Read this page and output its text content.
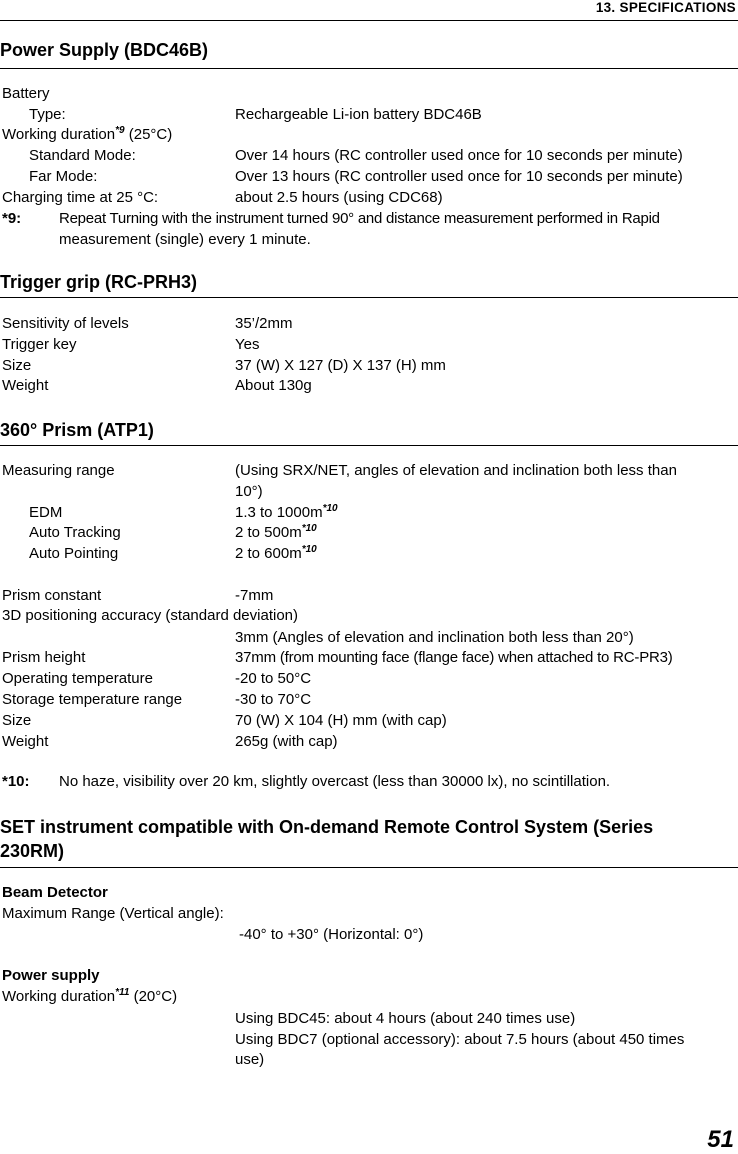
13. SPECIFICATIONS
Power Supply (BDC46B)
Battery
Type:	Rechargeable Li-ion battery BDC46B
Working duration$^{*9}$ (25°C)
Standard Mode:	Over 14 hours (RC controller used once for 10 seconds per minute)
Far Mode:	Over 13 hours (RC controller used once for 10 seconds per minute)
Charging time at 25 °C:	about 2.5 hours (using CDC68)
*9:	Repeat Turning with the instrument turned 90° and distance measurement performed in Rapid
measurement (single) every 1 minute.
Trigger grip (RC-PRH3)
Sensitivity of levels	35’/2mm
Trigger key	Yes
Size	37 (W) X 127 (D) X 137 (H) mm
Weight	About 130g
360° Prism (ATP1)
Measuring range	(Using SRX/NET, angles of elevation and inclination both less than
10°)
EDM	1.3 to $1000m^{*10}$
Auto Tracking	2 to $500m^{*10}$
Auto Pointing	2 to $600m^{*10}$
Prism constant	-7mm
3D positioning accuracy (standard deviation)
3mm (Angles of elevation and inclination both less than 20°)
Prism height	37mm (from mounting face (flange face) when attached to RC-PR3)
Operating temperature	-20 to 50°C
Storage temperature range	-30 to 70°C
Size	70 (W) X 104 (H) mm (with cap)
Weight	265g (with cap)
*10: No haze, visibility over 20 km, slightly overcast (less than 30000 lx), no scintillation.
SET instrument compatible with On-demand Remote Control System (Series
230RM)
Beam Detector
Maximum Range (Vertical angle):
-40° to +30° (Horizontal: 0°)
Power supply
Working duration$^{*11}$ (20°C)
Using BDC45: about 4 hours (about 240 times use)
Using BDC7 (optional accessory): about 7.5 hours (about 450 times
use)
51
